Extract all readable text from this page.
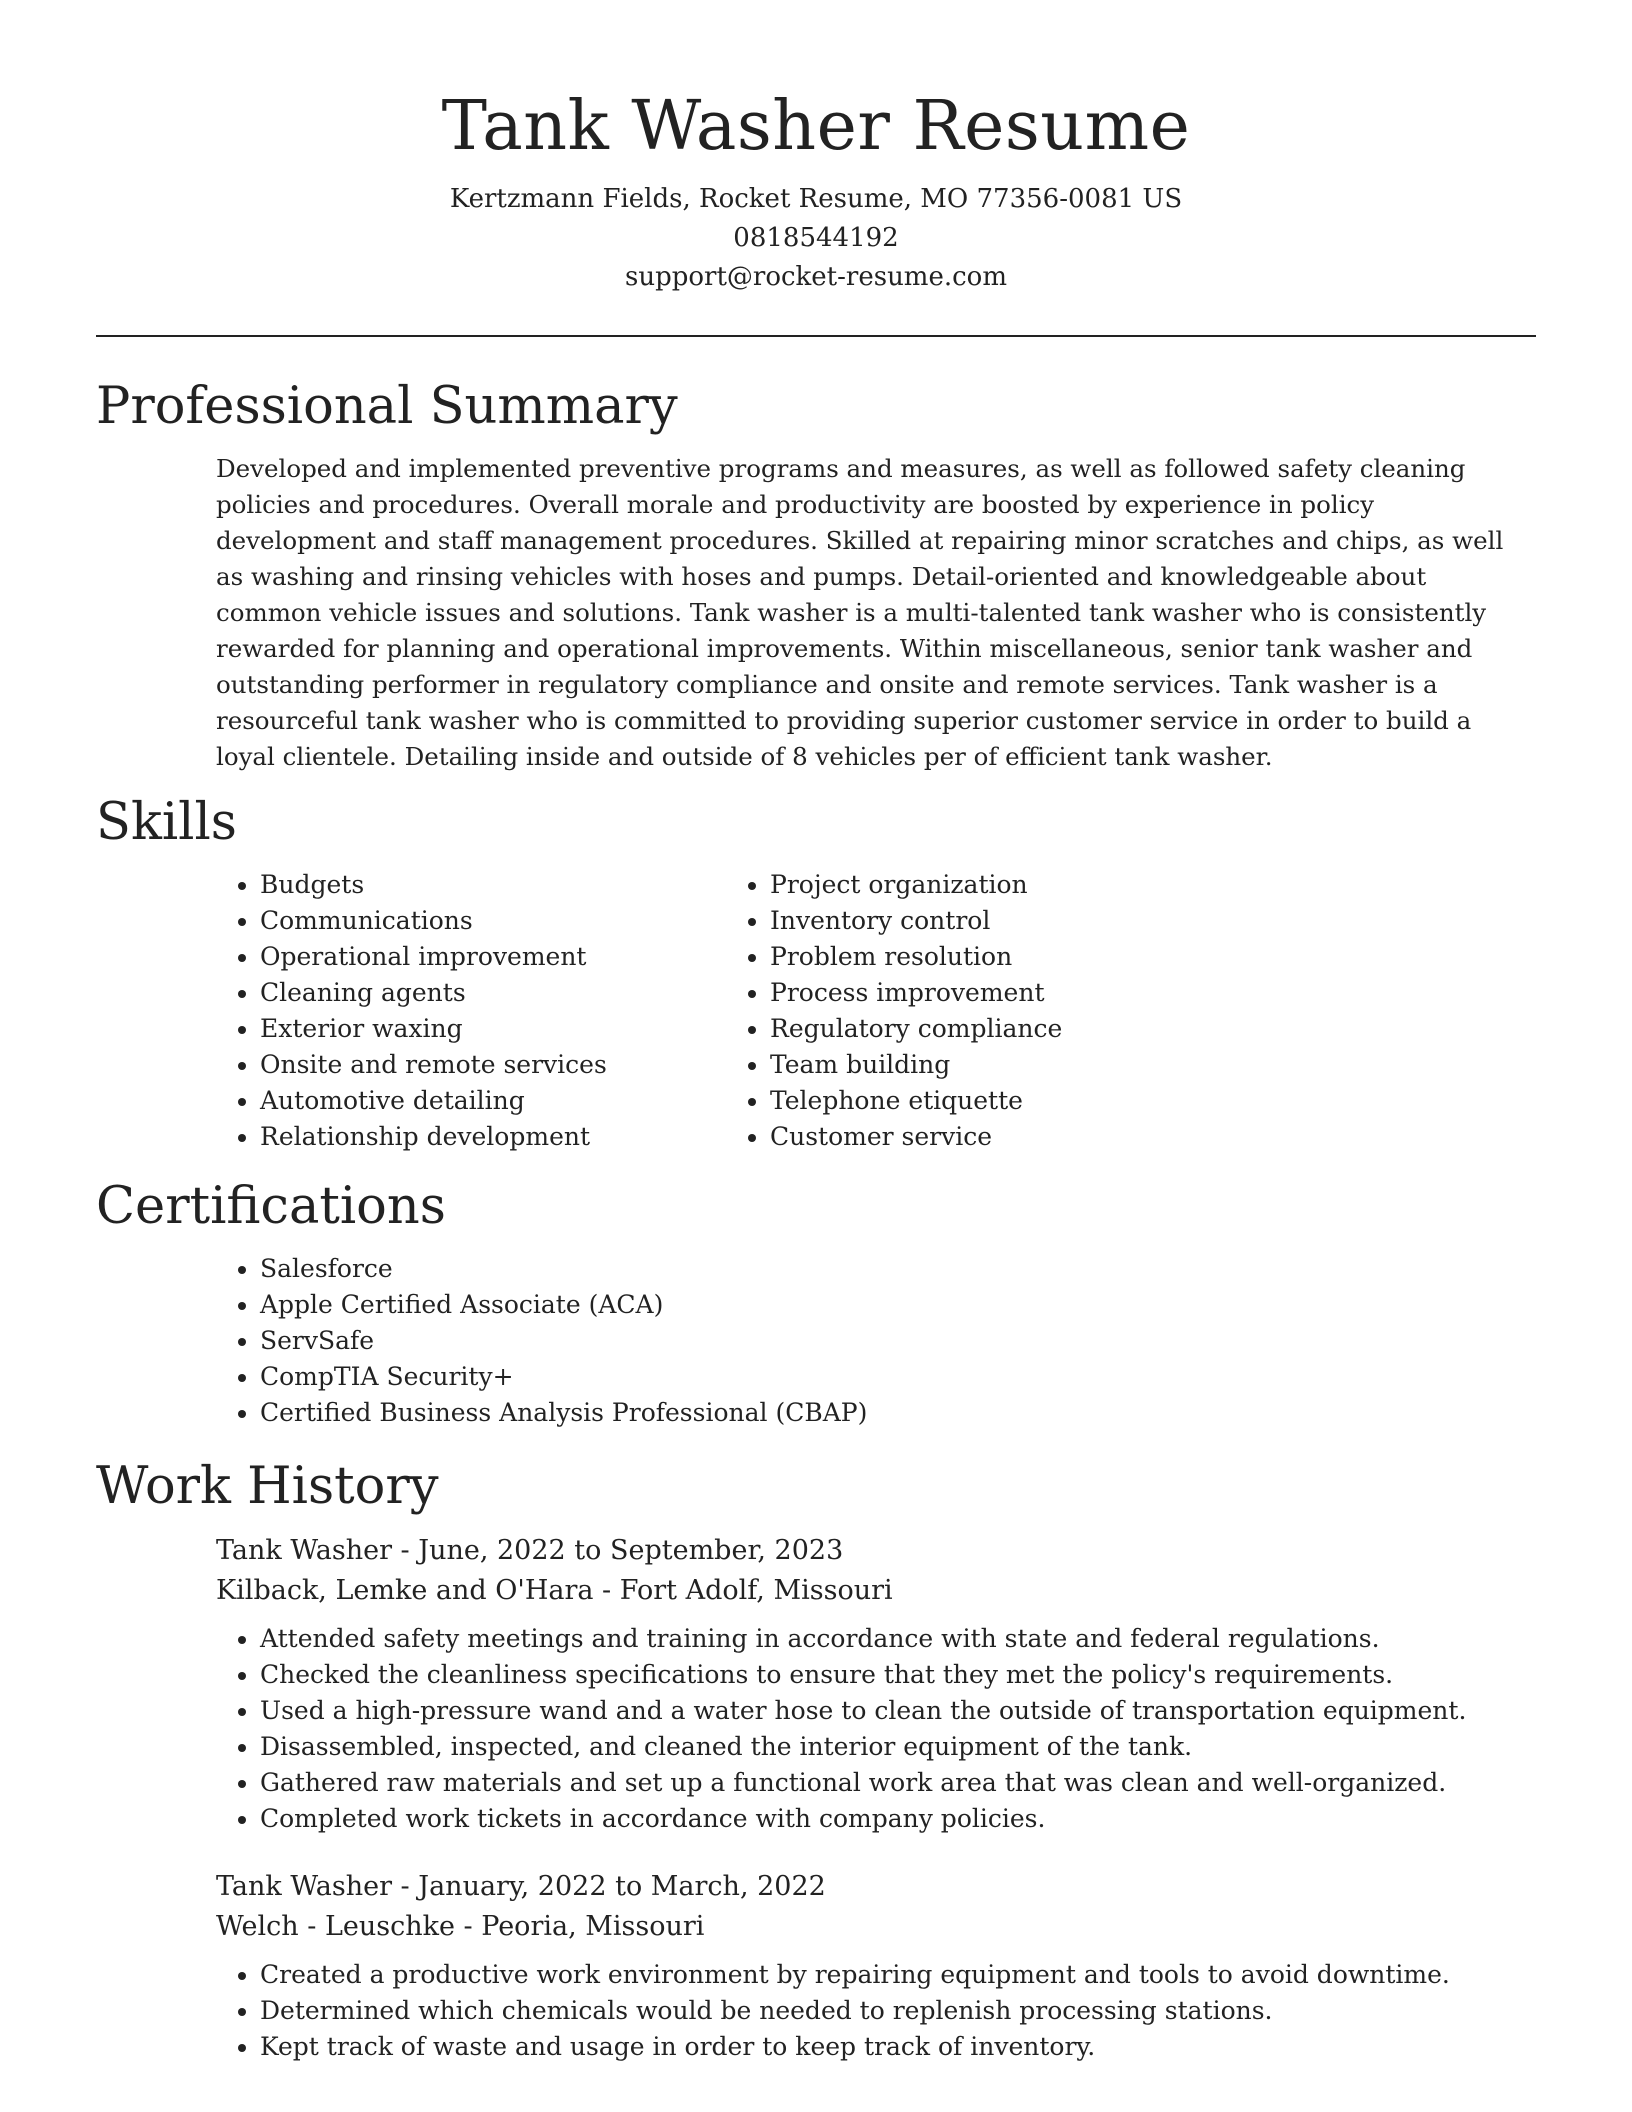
Tank Washer Resume
Kertzmann Fields, Rocket Resume, MO 77356-0081 US
0818544192
support@rocket-resume.com
Professional Summary

Developed and implemented preventive programs and measures, as well as followed safety cleaning policies and procedures. Overall morale and productivity are boosted by experience in policy development and staff management procedures. Skilled at repairing minor scratches and chips, as well as washing and rinsing vehicles with hoses and pumps. Detail-oriented and knowledgeable about common vehicle issues and solutions. Tank washer is a multi-talented tank washer who is consistently rewarded for planning and operational improvements. Within miscellaneous, senior tank washer and outstanding performer in regulatory compliance and onsite and remote services. Tank washer is a resourceful tank washer who is committed to providing superior customer service in order to build a loyal clientele. Detailing inside and outside of 8 vehicles per of efficient tank washer.

Skills
• Budgets
• Communications
• Operational improvement
• Cleaning agents
• Exterior waxing
• Onsite and remote services
• Automotive detailing
• Relationship development
• Project organization
• Inventory control
• Problem resolution
• Process improvement
• Regulatory compliance
• Team building
• Telephone etiquette
• Customer service
Certifications
• Salesforce
• Apple Certified Associate (ACA)
• ServSafe
• CompTIA Security+
• Certified Business Analysis Professional (CBAP)
Work History
Tank Washer - June, 2022 to September, 2023
Kilback, Lemke and O'Hara - Fort Adolf, Missouri
• Attended safety meetings and training in accordance with state and federal regulations.
• Checked the cleanliness specifications to ensure that they met the policy's requirements.
• Used a high-pressure wand and a water hose to clean the outside of transportation equipment.
• Disassembled, inspected, and cleaned the interior equipment of the tank.
• Gathered raw materials and set up a functional work area that was clean and well-organized.
• Completed work tickets in accordance with company policies.
Tank Washer - January, 2022 to March, 2022
Welch - Leuschke - Peoria, Missouri
• Created a productive work environment by repairing equipment and tools to avoid downtime.
• Determined which chemicals would be needed to replenish processing stations.
• Kept track of waste and usage in order to keep track of inventory.
